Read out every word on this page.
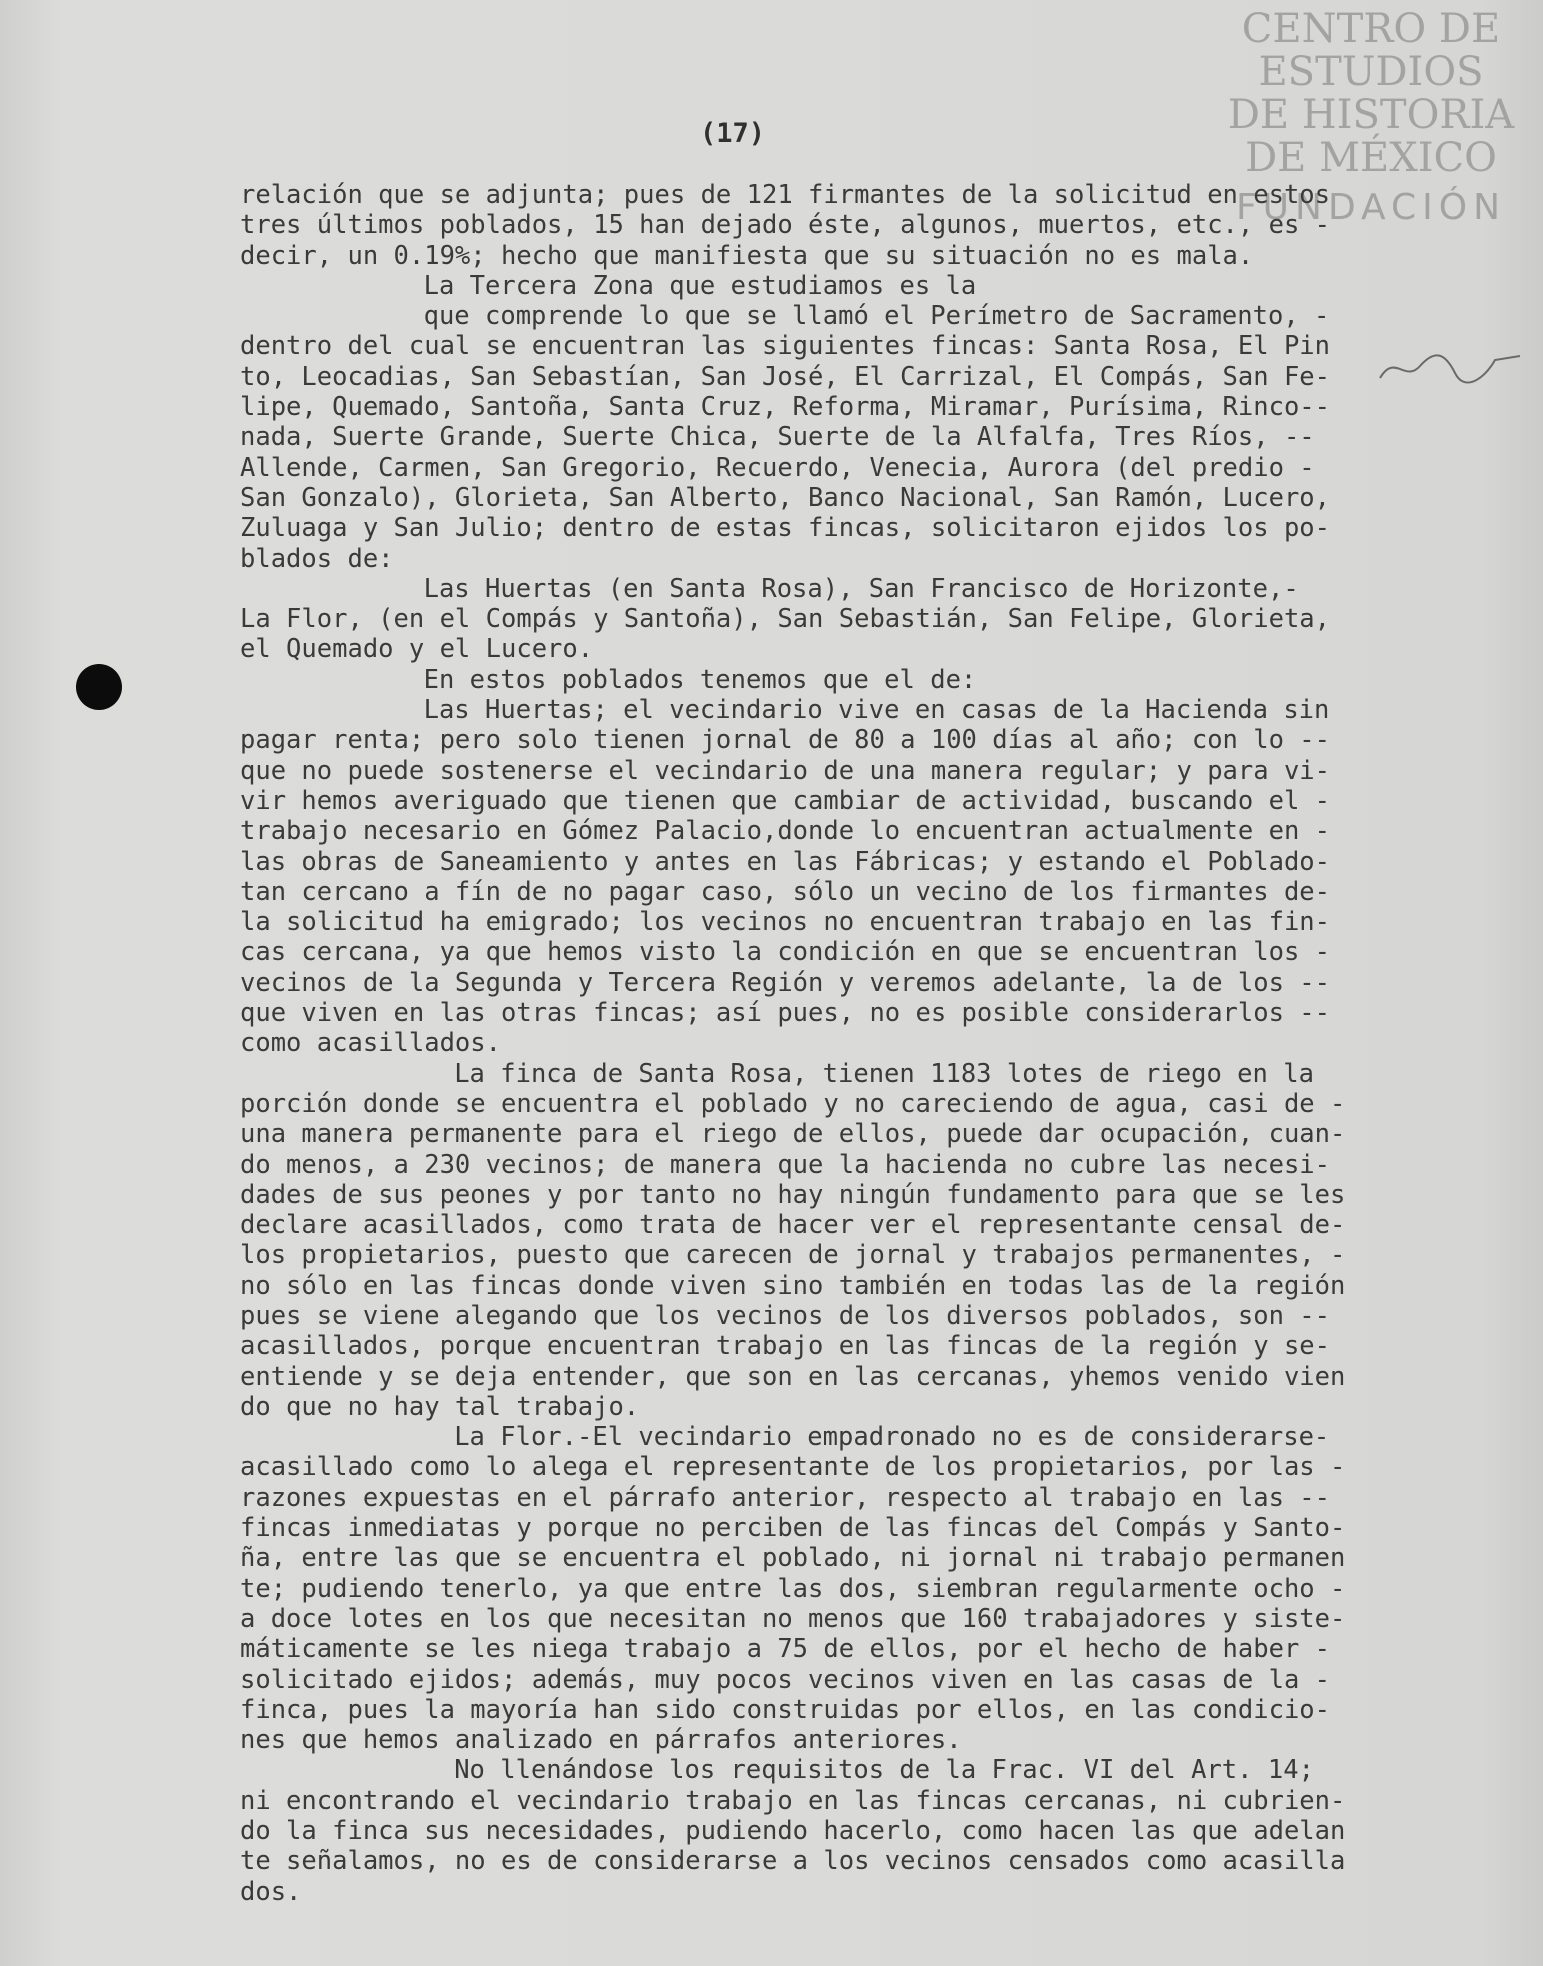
CENTRO DE
ESTUDIOS
DE HISTORIA
DE MÉXICO
FUNDACIÓN
(17)
relación que se adjunta; pues de 121 firmantes de la solicitud en estos
tres últimos poblados, 15 han dejado éste, algunos, muertos, etc., es -
decir, un 0.19%; hecho que manifiesta que su situación no es mala.
La Tercera Zona que estudiamos es la
que comprende lo que se llamó el Perímetro de Sacramento, -
dentro del cual se encuentran las siguientes fincas: Santa Rosa, El Pin
to, Leocadias, San Sebastían, San José, El Carrizal, El Compás, San Fe-
lipe, Quemado, Santoña, Santa Cruz, Reforma, Miramar, Purísima, Rinco--
nada, Suerte Grande, Suerte Chica, Suerte de la Alfalfa, Tres Ríos, --
Allende, Carmen, San Gregorio, Recuerdo, Venecia, Aurora (del predio -
San Gonzalo), Glorieta, San Alberto, Banco Nacional, San Ramón, Lucero,
Zuluaga y San Julio; dentro de estas fincas, solicitaron ejidos los po-
blados de:
Las Huertas (en Santa Rosa), San Francisco de Horizonte,-
La Flor, (en el Compás y Santoña), San Sebastián, San Felipe, Glorieta,
el Quemado y el Lucero.
En estos poblados tenemos que el de:
Las Huertas; el vecindario vive en casas de la Hacienda sin
pagar renta; pero solo tienen jornal de 80 a 100 días al año; con lo --
que no puede sostenerse el vecindario de una manera regular; y para vi-
vir hemos averiguado que tienen que cambiar de actividad, buscando el -
trabajo necesario en Gómez Palacio,donde lo encuentran actualmente en -
las obras de Saneamiento y antes en las Fábricas; y estando el Poblado-
tan cercano a fín de no pagar caso, sólo un vecino de los firmantes de-
la solicitud ha emigrado; los vecinos no encuentran trabajo en las fin-
cas cercana, ya que hemos visto la condición en que se encuentran los -
vecinos de la Segunda y Tercera Región y veremos adelante, la de los --
que viven en las otras fincas; así pues, no es posible considerarlos --
como acasillados.
La finca de Santa Rosa, tienen 1183 lotes de riego en la
porción donde se encuentra el poblado y no careciendo de agua, casi de -
una manera permanente para el riego de ellos, puede dar ocupación, cuan-
do menos, a 230 vecinos; de manera que la hacienda no cubre las necesi-
dades de sus peones y por tanto no hay ningún fundamento para que se les
declare acasillados, como trata de hacer ver el representante censal de-
los propietarios, puesto que carecen de jornal y trabajos permanentes, -
no sólo en las fincas donde viven sino también en todas las de la región
pues se viene alegando que los vecinos de los diversos poblados, son --
acasillados, porque encuentran trabajo en las fincas de la región y se-
entiende y se deja entender, que son en las cercanas, yhemos venido vien
do que no hay tal trabajo.
La Flor.-El vecindario empadronado no es de considerarse-
acasillado como lo alega el representante de los propietarios, por las -
razones expuestas en el párrafo anterior, respecto al trabajo en las --
fincas inmediatas y porque no perciben de las fincas del Compás y Santo-
ña, entre las que se encuentra el poblado, ni jornal ni trabajo permanen
te; pudiendo tenerlo, ya que entre las dos, siembran regularmente ocho -
a doce lotes en los que necesitan no menos que 160 trabajadores y siste-
máticamente se les niega trabajo a 75 de ellos, por el hecho de haber -
solicitado ejidos; además, muy pocos vecinos viven en las casas de la -
finca, pues la mayoría han sido construidas por ellos, en las condicio-
nes que hemos analizado en párrafos anteriores.
No llenándose los requisitos de la Frac. VI del Art. 14;
ni encontrando el vecindario trabajo en las fincas cercanas, ni cubrien-
do la finca sus necesidades, pudiendo hacerlo, como hacen las que adelan
te señalamos, no es de considerarse a los vecinos censados como acasilla
dos.
